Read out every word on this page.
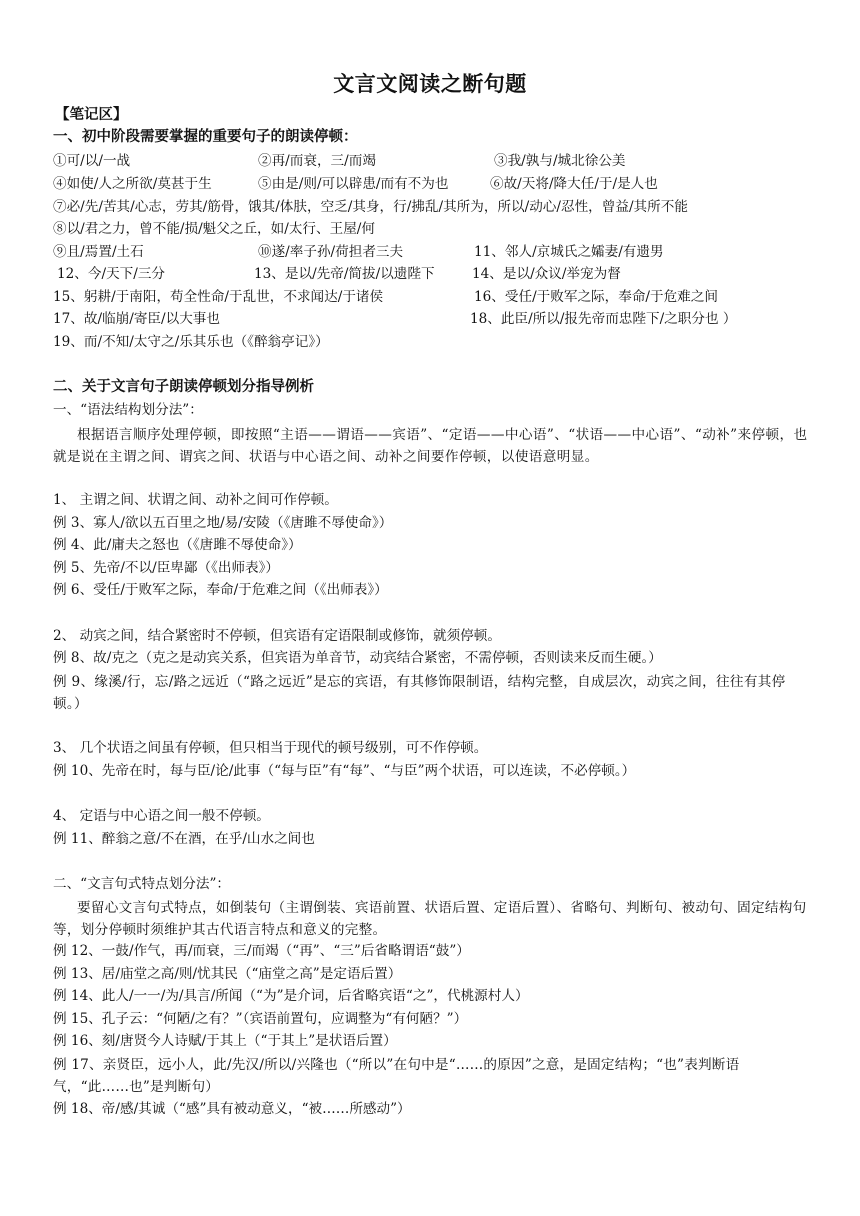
文言文阅读之断句题
【笔记区】
一、初中阶段需要掌握的重要句子的朗读停顿：
①可/以/一战	②再/而衰，三/而竭	③我/孰与/城北徐公美
④如使/人之所欲/莫甚于生	⑤由是/则/可以辟患/而有不为也	⑥故/天将/降大任/于/是人也
⑦必/先/苦其/心志，劳其/筋骨，饿其/体肤，空乏/其身，行/拂乱/其所为，所以/动心/忍性，曾益/其所不能
⑧以/君之力，曾不能/损/魁父之丘，如/太行、王屋/何
⑨且/焉置/土石	⑩遂/率子孙/荷担者三夫	11、邻人/京城氏之孀妻/有遗男
12、今/天下/三分	13、是以/先帝/简拔/以遗陛下	14、是以/众议/举宠为督
15、躬耕/于南阳，苟全性命/于乱世，不求闻达/于诸侯	16、受任/于败军之际，奉命/于危难之间
17、故/临崩/寄臣/以大事也	18、此臣/所以/报先帝而忠陛下/之职分也 ）
19、而/不知/太守之/乐其乐也（《醉翁亭记》）
二、关于文言句子朗读停顿划分指导例析
一、“语法结构划分法”：
根据语言顺序处理停顿，即按照“主语——谓语——宾语”、“定语——中心语”、“状语——中心语”、“动补”来停顿，也就是说在主谓之间、谓宾之间、状语与中心语之间、动补之间要作停顿，以使语意明显。
1、 主谓之间、状谓之间、动补之间可作停顿。
例 3、寡人/欲以五百里之地/易/安陵（《唐雎不辱使命》）
例 4、此/庸夫之怒也（《唐雎不辱使命》）
例 5、先帝/不以/臣卑鄙（《出师表》）
例 6、受任/于败军之际，奉命/于危难之间（《出师表》）
2、 动宾之间，结合紧密时不停顿，但宾语有定语限制或修饰，就须停顿。
例 8、故/克之（克之是动宾关系，但宾语为单音节，动宾结合紧密，不需停顿，否则读来反而生硬。）
例 9、缘溪/行，忘/路之远近（“路之远近”是忘的宾语，有其修饰限制语，结构完整，自成层次，动宾之间，往往有其停顿。）
3、 几个状语之间虽有停顿，但只相当于现代的顿号级别，可不作停顿。
例 10、先帝在时，每与臣/论/此事（“每与臣”有“每”、“与臣”两个状语，可以连读，不必停顿。）
4、 定语与中心语之间一般不停顿。
例 11、醉翁之意/不在酒，在乎/山水之间也
二、“文言句式特点划分法”：
要留心文言句式特点，如倒装句（主谓倒装、宾语前置、状语后置、定语后置）、省略句、判断句、被动句、固定结构句等，划分停顿时须维护其古代语言特点和意义的完整。
例 12、一鼓/作气，再/而衰，三/而竭（“再”、“三”后省略谓语“鼓”）
例 13、居/庙堂之高/则/忧其民（“庙堂之高”是定语后置）
例 14、此人/一一/为/具言/所闻（“为”是介词，后省略宾语“之”，代桃源村人）
例 15、孔子云：“何陋/之有？”（宾语前置句，应调整为“有何陋？”）
例 16、刻/唐贤今人诗赋/于其上（“于其上”是状语后置）
例 17、亲贤臣，远小人，此/先汉/所以/兴隆也（“所以”在句中是“……的原因”之意，是固定结构；“也”表判断语气，“此……也”是判断句）
例 18、帝/感/其诚（“感”具有被动意义，“被……所感动”）
